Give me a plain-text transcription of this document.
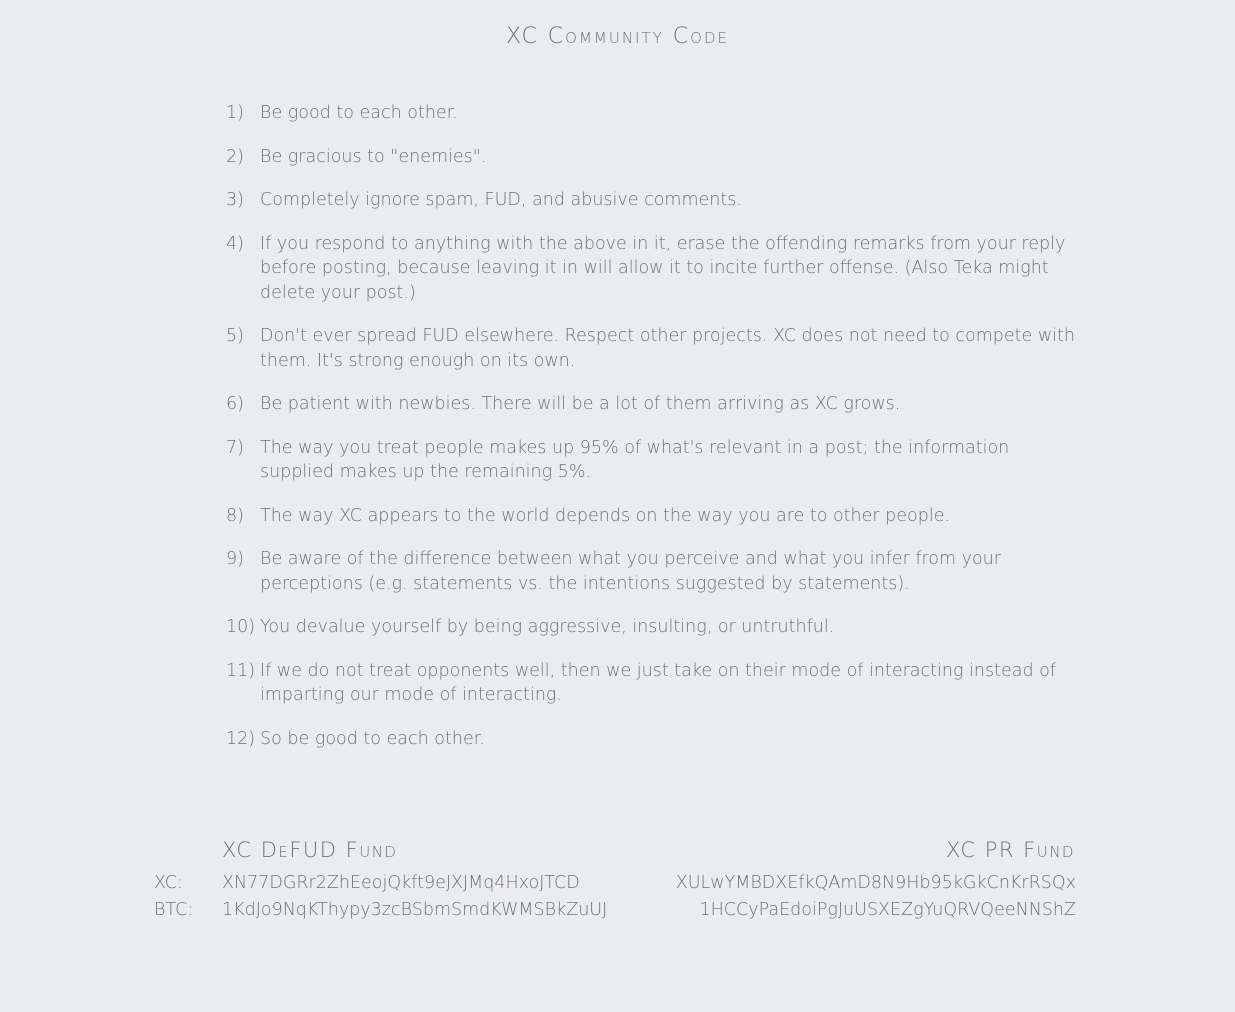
XC Community Code
1) Be good to each other.
2) Be gracious to "enemies".
3) Completely ignore spam, FUD, and abusive comments.
4) If you respond to anything with the above in it, erase the offending remarks from your reply before posting, because leaving it in will allow it to incite further offense. (Also Teka might delete your post.)
5) Don't ever spread FUD elsewhere. Respect other projects. XC does not need to compete with them. It's strong enough on its own.
6) Be patient with newbies. There will be a lot of them arriving as XC grows.
7) The way you treat people makes up 95% of what's relevant in a post; the information supplied makes up the remaining 5%.
8) The way XC appears to the world depends on the way you are to other people.
9) Be aware of the difference between what you perceive and what you infer from your perceptions (e.g. statements vs. the intentions suggested by statements).
10) You devalue yourself by being aggressive, insulting, or untruthful.
11) If we do not treat opponents well, then we just take on their mode of interacting instead of imparting our mode of interacting.
12) So be good to each other.
XC DeFUD Fund	XC PR Fund
XC:
BTC:
XN77DGRr2ZhEeojQkft9eJXJMq4HxoJTCD
1KdJo9NqKThypy3zcBSbmSmdKWMSBkZuUJ
XULwYMBDXEfkQAmD8N9Hb95kGkCnKrRSQx
1HCCyPaEdoiPgJuUSXEZgYuQRVQeeNNShZ
